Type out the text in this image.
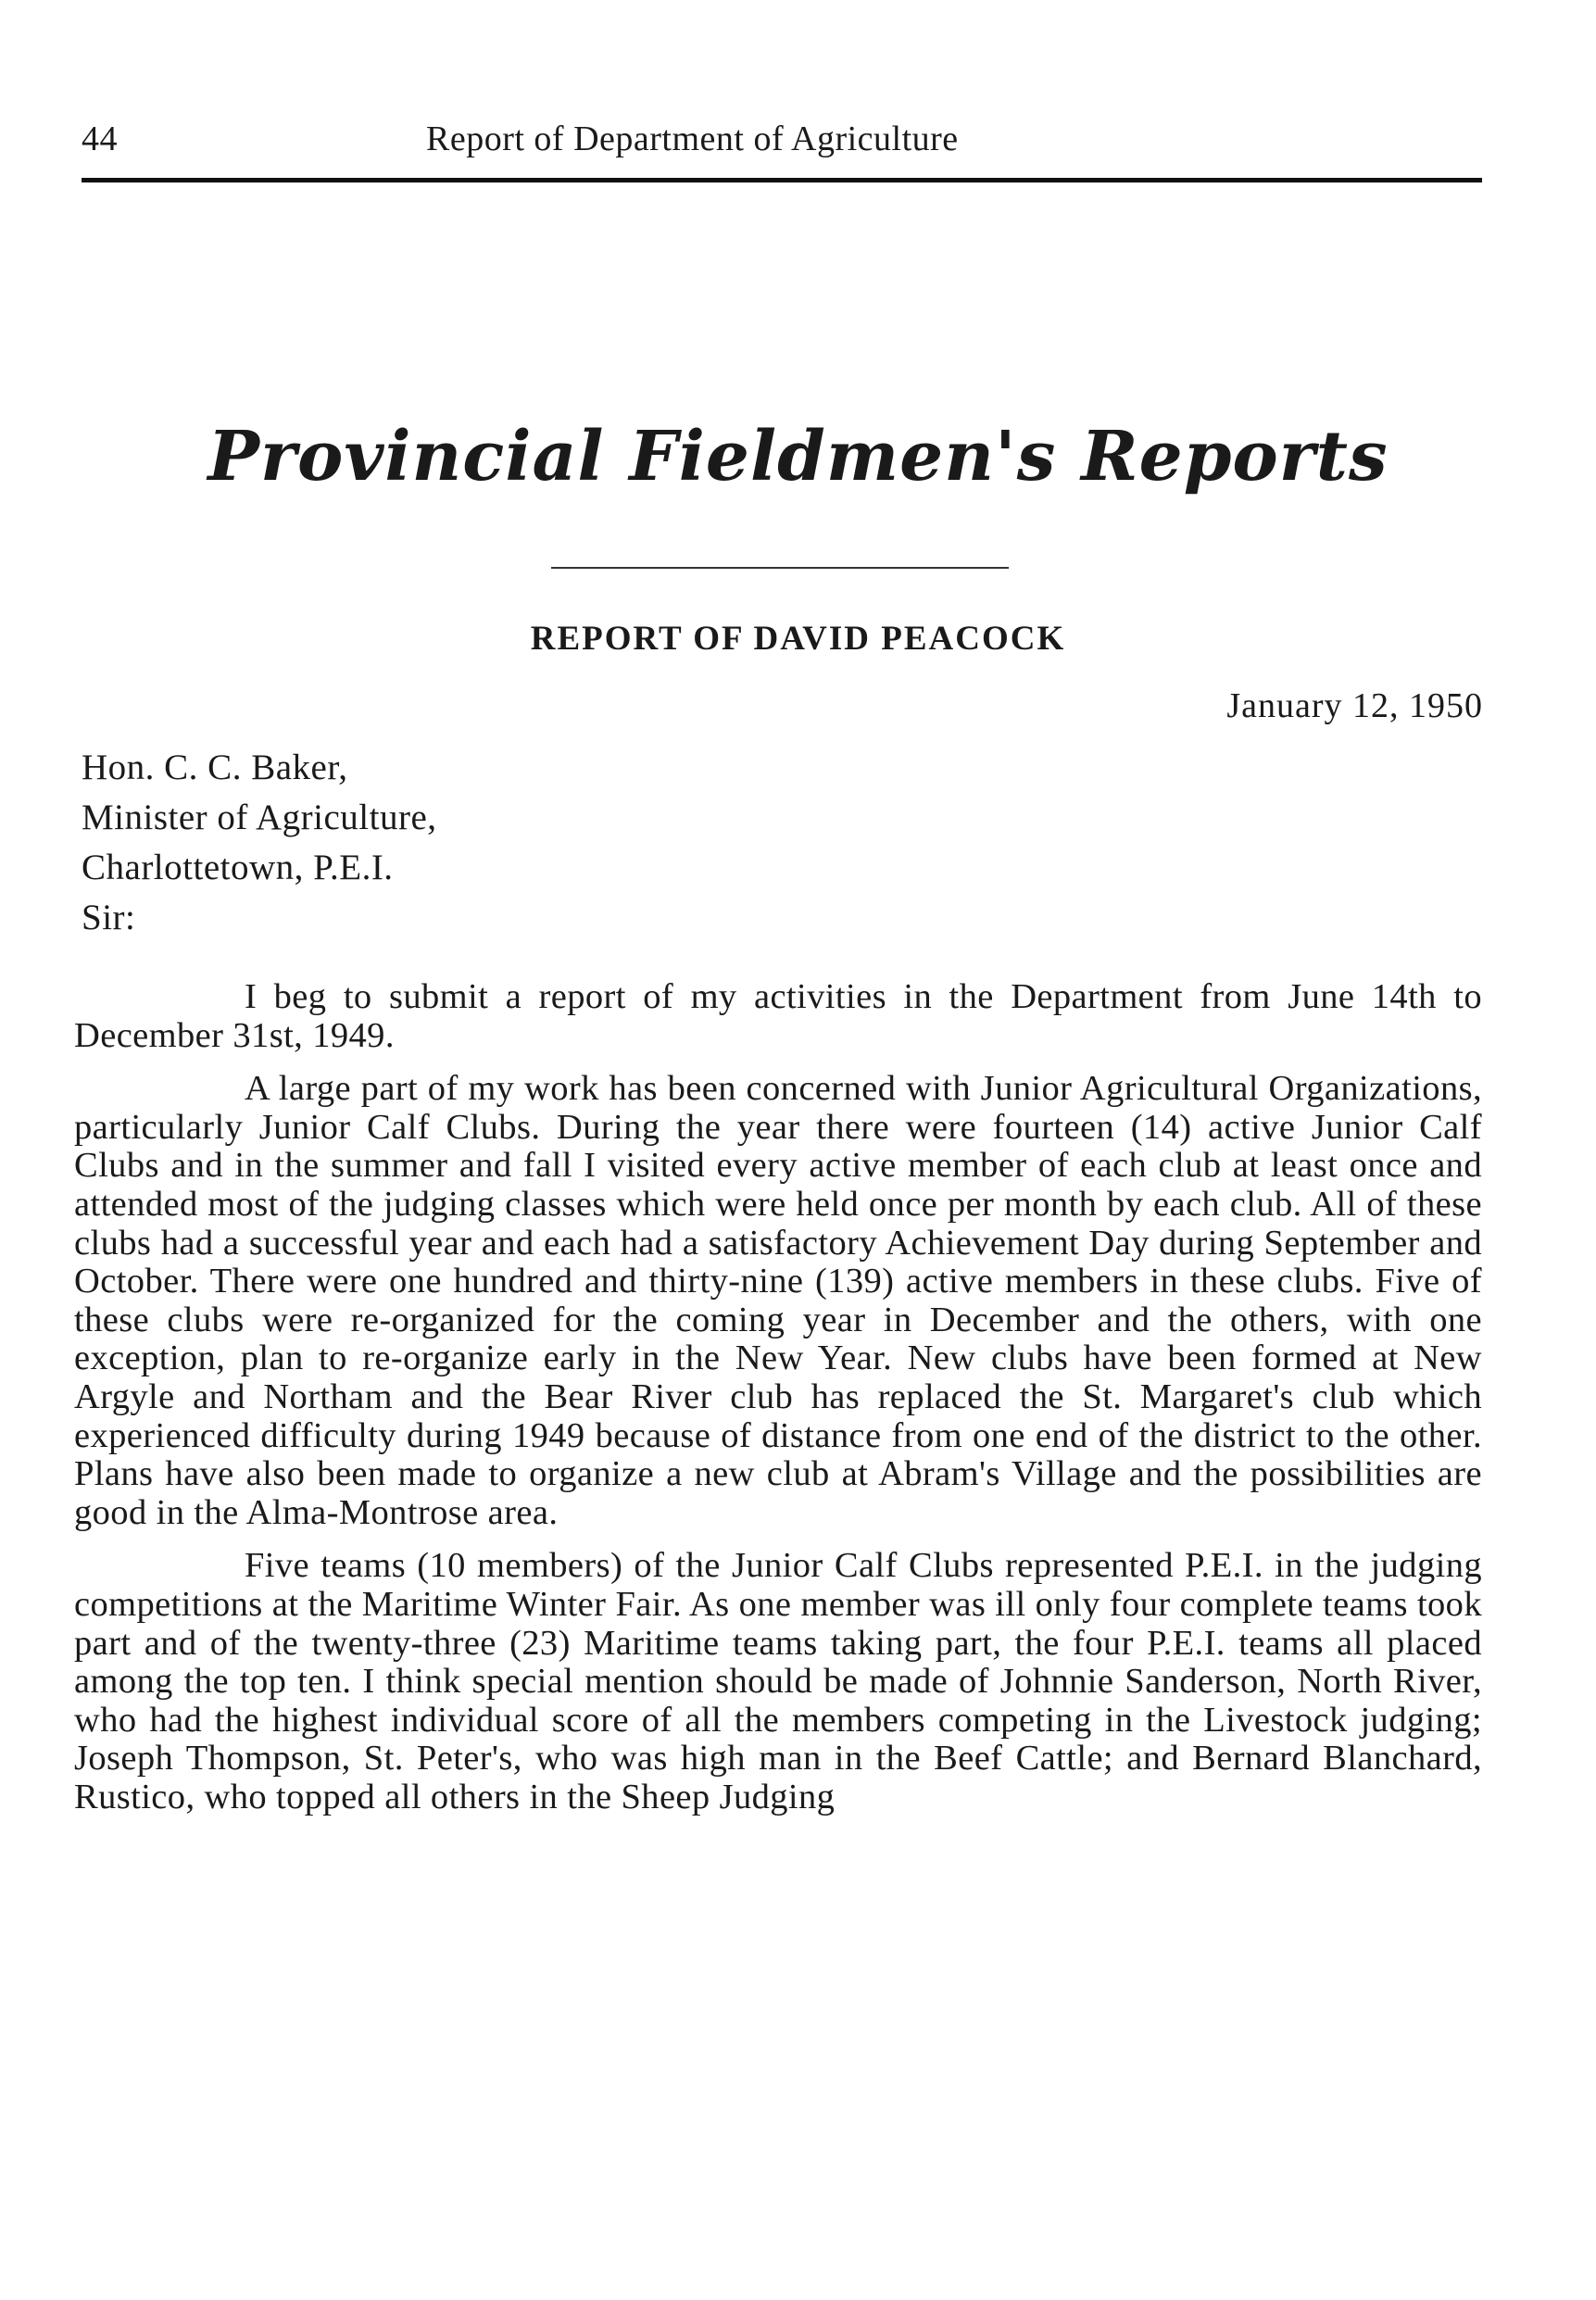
44	Report of Department of Agriculture
Provincial Fieldmen's Reports
REPORT OF DAVID PEACOCK
January 12, 1950
Hon. C. C. Baker,
Minister of Agriculture,
Charlottetown, P.E.I.
Sir:

I beg to submit a report of my activities in the Department from June 14th to December 31st, 1949.

A large part of my work has been concerned with Junior Agricultural Organizations, particularly Junior Calf Clubs. During the year there were fourteen (14) active Junior Calf Clubs and in the summer and fall I visited every active member of each club at least once and attended most of the judging classes which were held once per month by each club. All of these clubs had a successful year and each had a satisfactory Achievement Day during September and October. There were one hundred and thirty-nine (139) active members in these clubs. Five of these clubs were re-organized for the coming year in December and the others, with one exception, plan to re-organize early in the New Year. New clubs have been formed at New Argyle and Northam and the Bear River club has replaced the St. Margaret's club which experienced difficulty during 1949 because of distance from one end of the district to the other. Plans have also been made to organize a new club at Abram's Village and the possibilities are good in the Alma-Montrose area.

Five teams (10 members) of the Junior Calf Clubs represented P.E.I. in the judging competitions at the Maritime Winter Fair. As one member was ill only four complete teams took part and of the twenty-three (23) Maritime teams taking part, the four P.E.I. teams all placed among the top ten. I think special mention should be made of Johnnie Sanderson, North River, who had the highest individual score of all the members competing in the Livestock judging; Joseph Thompson, St. Peter's, who was high man in the Beef Cattle; and Bernard Blanchard, Rustico, who topped all others in the Sheep Judging
